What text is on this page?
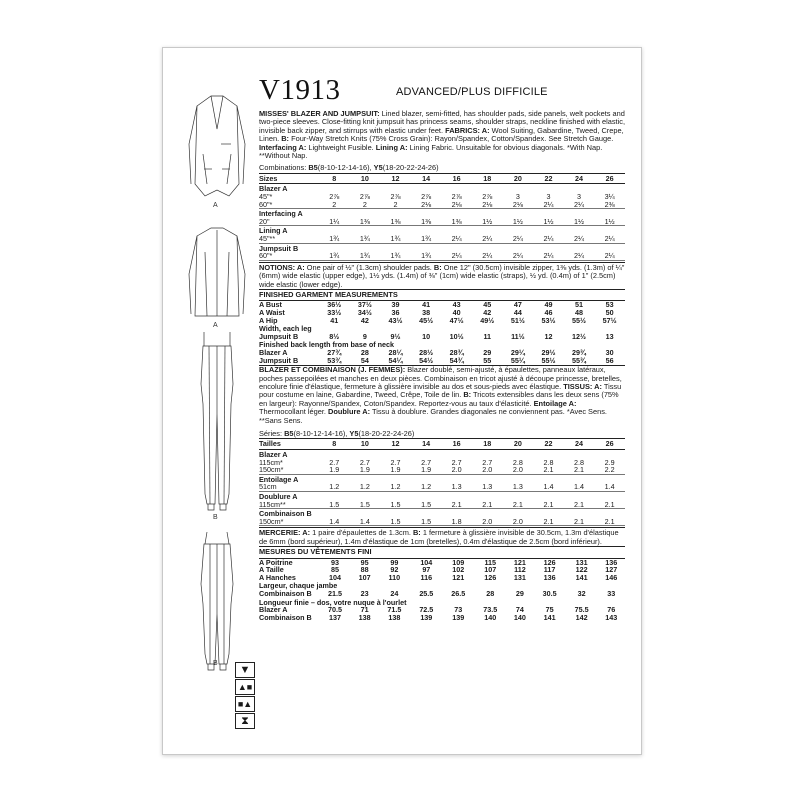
V1913	ADVANCED/PLUS DIFFICILE
A
A
B
B

MISSES' BLAZER AND JUMPSUIT: Lined blazer, semi-fitted, has shoulder pads, side panels, welt pockets and two-piece sleeves. Close-fitting knit jumpsuit has princess seams, shoulder straps, neckline finished with elastic, invisible back zipper, and stirrups with elastic under feet. FABRICS: A: Wool Suiting, Gabardine, Tweed, Crepe, Linen. B: Four-Way Stretch Knits (75% Cross Grain): Rayon/Spandex, Cotton/Spandex. See Stretch Gauge. Interfacing A: Lightweight Fusible. Lining A: Lining Fabric. Unsuitable for obvious diagonals. *With Nap. **Without Nap.

Combinations: B5(8-10-12-14-16), Y5(18-20-22-24-26)
Sizes	8	10	12	14	16	18	20	22	24	26
Blazer A										
45"*	2⅞	2⅞	2⅞	2⅞	2⅞	2⅞	3	3	3	3¼
60"*	2	2	2	2⅛	2⅛	2⅛	2⅛	2¼	2¼	2⅜
Interfacing A										
20"	1¼	1⅜	1⅜	1⅜	1⅜	1½	1½	1½	1½	1½
Lining A										
45"**	1¾	1¾	1¾	1¾	2¼	2¼	2¼	2¼	2¼	2¼
Jumpsuit B										
60"*	1¾	1¾	1¾	1¾	2¼	2¼	2¼	2¼	2¼	2¼
NOTIONS: A: One pair of ½" (1.3cm) shoulder pads. B: One 12" (30.5cm) invisible zipper, 1⅜ yds. (1.3m) of ¼" (6mm) wide elastic (upper edge), 1½ yds. (1.4m) of ⅜" (1cm) wide elastic (straps), ½ yd. (0.4m) of 1" (2.5cm) wide elastic (lower edge).
FINISHED GARMENT MEASUREMENTS
A Bust	36½	37½	39	41	43	45	47	49	51	53
A Waist	33½	34½	36	38	40	42	44	46	48	50
A Hip	41	42	43½	45½	47½	49½	51½	53½	55½	57½
Width, each leg										
Jumpsuit B	8½	9	9½	10	10½	11	11½	12	12½	13
Finished back length from base of neck										
Blazer A	27¾	28	28¼	28½	28¾	29	29¼	29½	29¾	30
Jumpsuit B	53¾	54	54¼	54½	54¾	55	55¼	55½	55¾	56

BLAZER ET COMBINAISON (J. FEMMES): Blazer doublé, semi-ajusté, à épaulettes, panneaux latéraux, poches passepoilées et manches en deux pièces. Combinaison en tricot ajusté à découpe princesse, bretelles, encolure finie d'élastique, fermeture à glissière invisible au dos et sous-pieds avec élastique. TISSUS: A: Tissu pour costume en laine, Gabardine, Tweed, Crêpe, Toile de lin. B: Tricots extensibles dans les deux sens (75% en largeur): Rayonne/Spandex, Coton/Spandex. Reportez-vous au taux d'élasticité. Entoilage A: Thermocollant léger. Doublure A: Tissu à doublure. Grandes diagonales ne conviennent pas. *Avec Sens. **Sans Sens.

Séries: B5(8-10-12-14-16), Y5(18-20-22-24-26)
Tailles	8	10	12	14	16	18	20	22	24	26
Blazer A										
115cm*	2.7	2.7	2.7	2.7	2.7	2.7	2.8	2.8	2.8	2.9
150cm*	1.9	1.9	1.9	1.9	2.0	2.0	2.0	2.1	2.1	2.2
Entoilage A										
51cm	1.2	1.2	1.2	1.2	1.3	1.3	1.3	1.4	1.4	1.4
Doublure A										
115cm**	1.5	1.5	1.5	1.5	2.1	2.1	2.1	2.1	2.1	2.1
Combinaison B										
150cm*	1.4	1.4	1.5	1.5	1.8	2.0	2.0	2.1	2.1	2.1
MERCERIE: A: 1 paire d'épaulettes de 1.3cm. B: 1 fermeture à glissière invisible de 30.5cm, 1.3m d'élastique de 6mm (bord supérieur), 1.4m d'élastique de 1cm (bretelles), 0.4m d'élastique de 2.5cm (bord inférieur).
MESURES DU VÊTEMENTS FINI
A Poitrine	93	95	99	104	109	115	121	126	131	136
A Taille	85	88	92	97	102	107	112	117	122	127
A Hanches	104	107	110	116	121	126	131	136	141	146
Largeur, chaque jambe										
Combinaison B	21.5	23	24	25.5	26.5	28	29	30.5	32	33
Longueur finie – dos, votre nuque à l'ourlet										
Blazer A	70.5	71	71.5	72.5	73	73.5	74	75	75.5	76
Combinaison B	137	138	138	139	139	140	140	141	142	143
▼
▲■
■▲
⧗
